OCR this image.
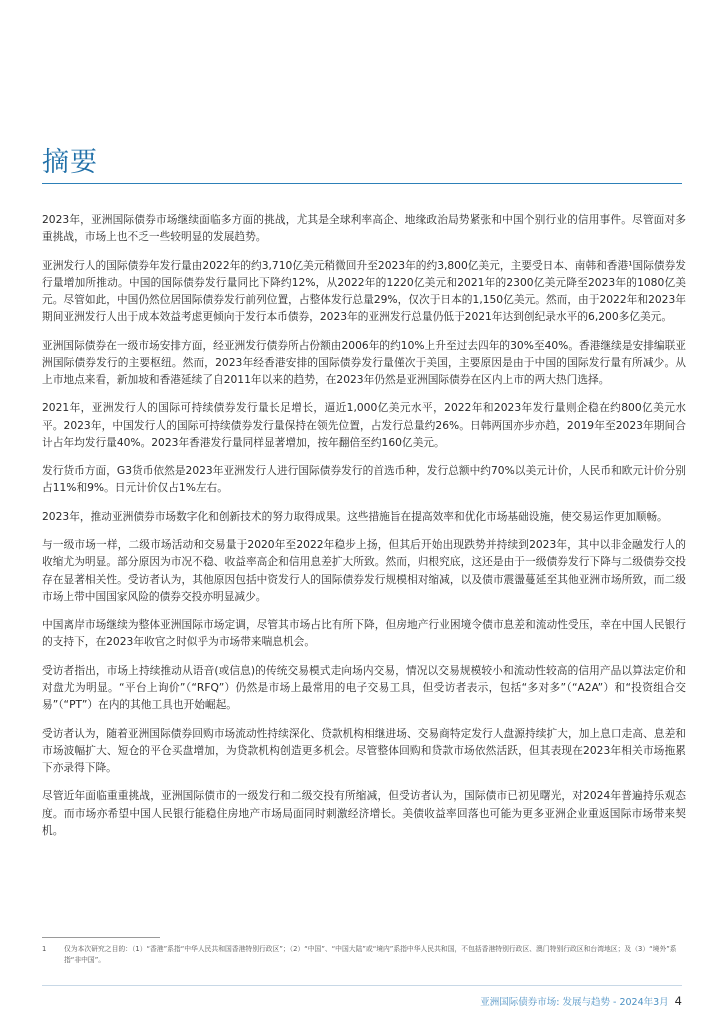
摘要

2023年，亚洲国际债券市场继续面临多方面的挑战，尤其是全球利率高企、地缘政治局势紧张和中国个别行业的信用事件。尽管面对多重挑战，市场上也不乏一些较明显的发展趋势。

亚洲发行人的国际债券年发行量由2022年的约3,710亿美元稍微回升至2023年的约3,800亿美元，主要受日本、南韩和香港¹国际债券发行量增加所推动。中国的国际债券发行量同比下降约12%，从2022年的1220亿美元和2021年的2300亿美元降至2023年的1080亿美元。尽管如此，中国仍然位居国际债券发行前列位置，占整体发行总量29%，仅次于日本的1,150亿美元。然而，由于2022年和2023年期间亚洲发行人出于成本效益考虑更倾向于发行本币债券，2023年的亚洲发行总量仍低于2021年达到创纪录水平的6,200多亿美元。

亚洲国际债券在一级市场安排方面，经亚洲发行债券所占份额由2006年的约10%上升至过去四年的30%至40%。香港继续是安排编联亚洲国际债券发行的主要枢纽。然而，2023年经香港安排的国际债券发行量僅次于美国，主要原因是由于中国的国际发行量有所减少。从上市地点来看，新加坡和香港延续了自2011年以来的趋势，在2023年仍然是亚洲国际债券在区内上市的两大热门选择。

2021年，亚洲发行人的国际可持续债券发行量长足增长，逼近1,000亿美元水平，2022年和2023年发行量则企稳在约800亿美元水平。2023年，中国发行人的国际可持续债券发行量保持在领先位置，占发行总量约26%。日韩两国亦步亦趋，2019年至2023年期间合计占年均发行量40%。2023年香港发行量同样显著增加，按年翻倍至约160亿美元。

发行货币方面，G3货币依然是2023年亚洲发行人进行国际债券发行的首选币种，发行总额中约70%以美元计价，人民币和欧元计价分别占11%和9%。日元计价仅占1%左右。

2023年，推动亚洲债券市场数字化和创新技术的努力取得成果。这些措施旨在提高效率和优化市场基础设施，使交易运作更加顺畅。

与一级市场一样，二级市场活动和交易量于2020年至2022年稳步上扬，但其后开始出现跌势并持续到2023年，其中以非金融发行人的收缩尤为明显。部分原因为市况不稳、收益率高企和信用息差扩大所致。然而，归根究底，这还是由于一级债券发行下降与二级债券交投存在显著相关性。受访者认为，其他原因包括中资发行人的国际债券发行规模相对缩减，以及债市震盪蔓延至其他亚洲市场所致，而二级市场上带中国国家风险的债券交投亦明显减少。

中国离岸市场继续为整体亚洲国际市场定调，尽管其市场占比有所下降，但房地产行业困境令债市息差和流动性受压，幸在中国人民银行的支持下，在2023年收官之时似乎为市场带来喘息机会。

受访者指出，市场上持续推动从语音(或信息)的传统交易模式走向场内交易，情况以交易规模较小和流动性较高的信用产品以算法定价和对盘尤为明显。“平台上询价”（“RFQ”）仍然是市场上最常用的电子交易工具，但受访者表示，包括“多对多”（“A2A”）和“投资组合交易”（“PT”）在内的其他工具也开始崛起。

受访者认为，随着亚洲国际债券回购市场流动性持续深化、贷款机构相继进场、交易商特定发行人盘源持续扩大，加上息口走高、息差和市场波幅扩大、短仓的平仓买盘增加，为贷款机构创造更多机会。尽管整体回购和贷款市场依然活跃，但其表现在2023年相关市场拖累下亦录得下降。

尽管近年面临重重挑战，亚洲国际债市的一级发行和二级交投有所缩减，但受访者认为，国际债市已初见曙光，对2024年普遍持乐观态度。而市场亦希望中国人民银行能稳住房地产市场局面同时刺激经济增长。美债收益率回落也可能为更多亚洲企业重返国际市场带来契机。

1	仅为本次研究之目的：（1）“香港”系指“中华人民共和国香港特别行政区”；（2）“中国”、“中国大陆”或“境内”系指中华人民共和国，不包括香港特别行政区、澳门特别行政区和台湾地区；及（3）“境外”系指“非中国”。
亚洲国际债券市场: 发展与趋势 - 2024年3月 4
